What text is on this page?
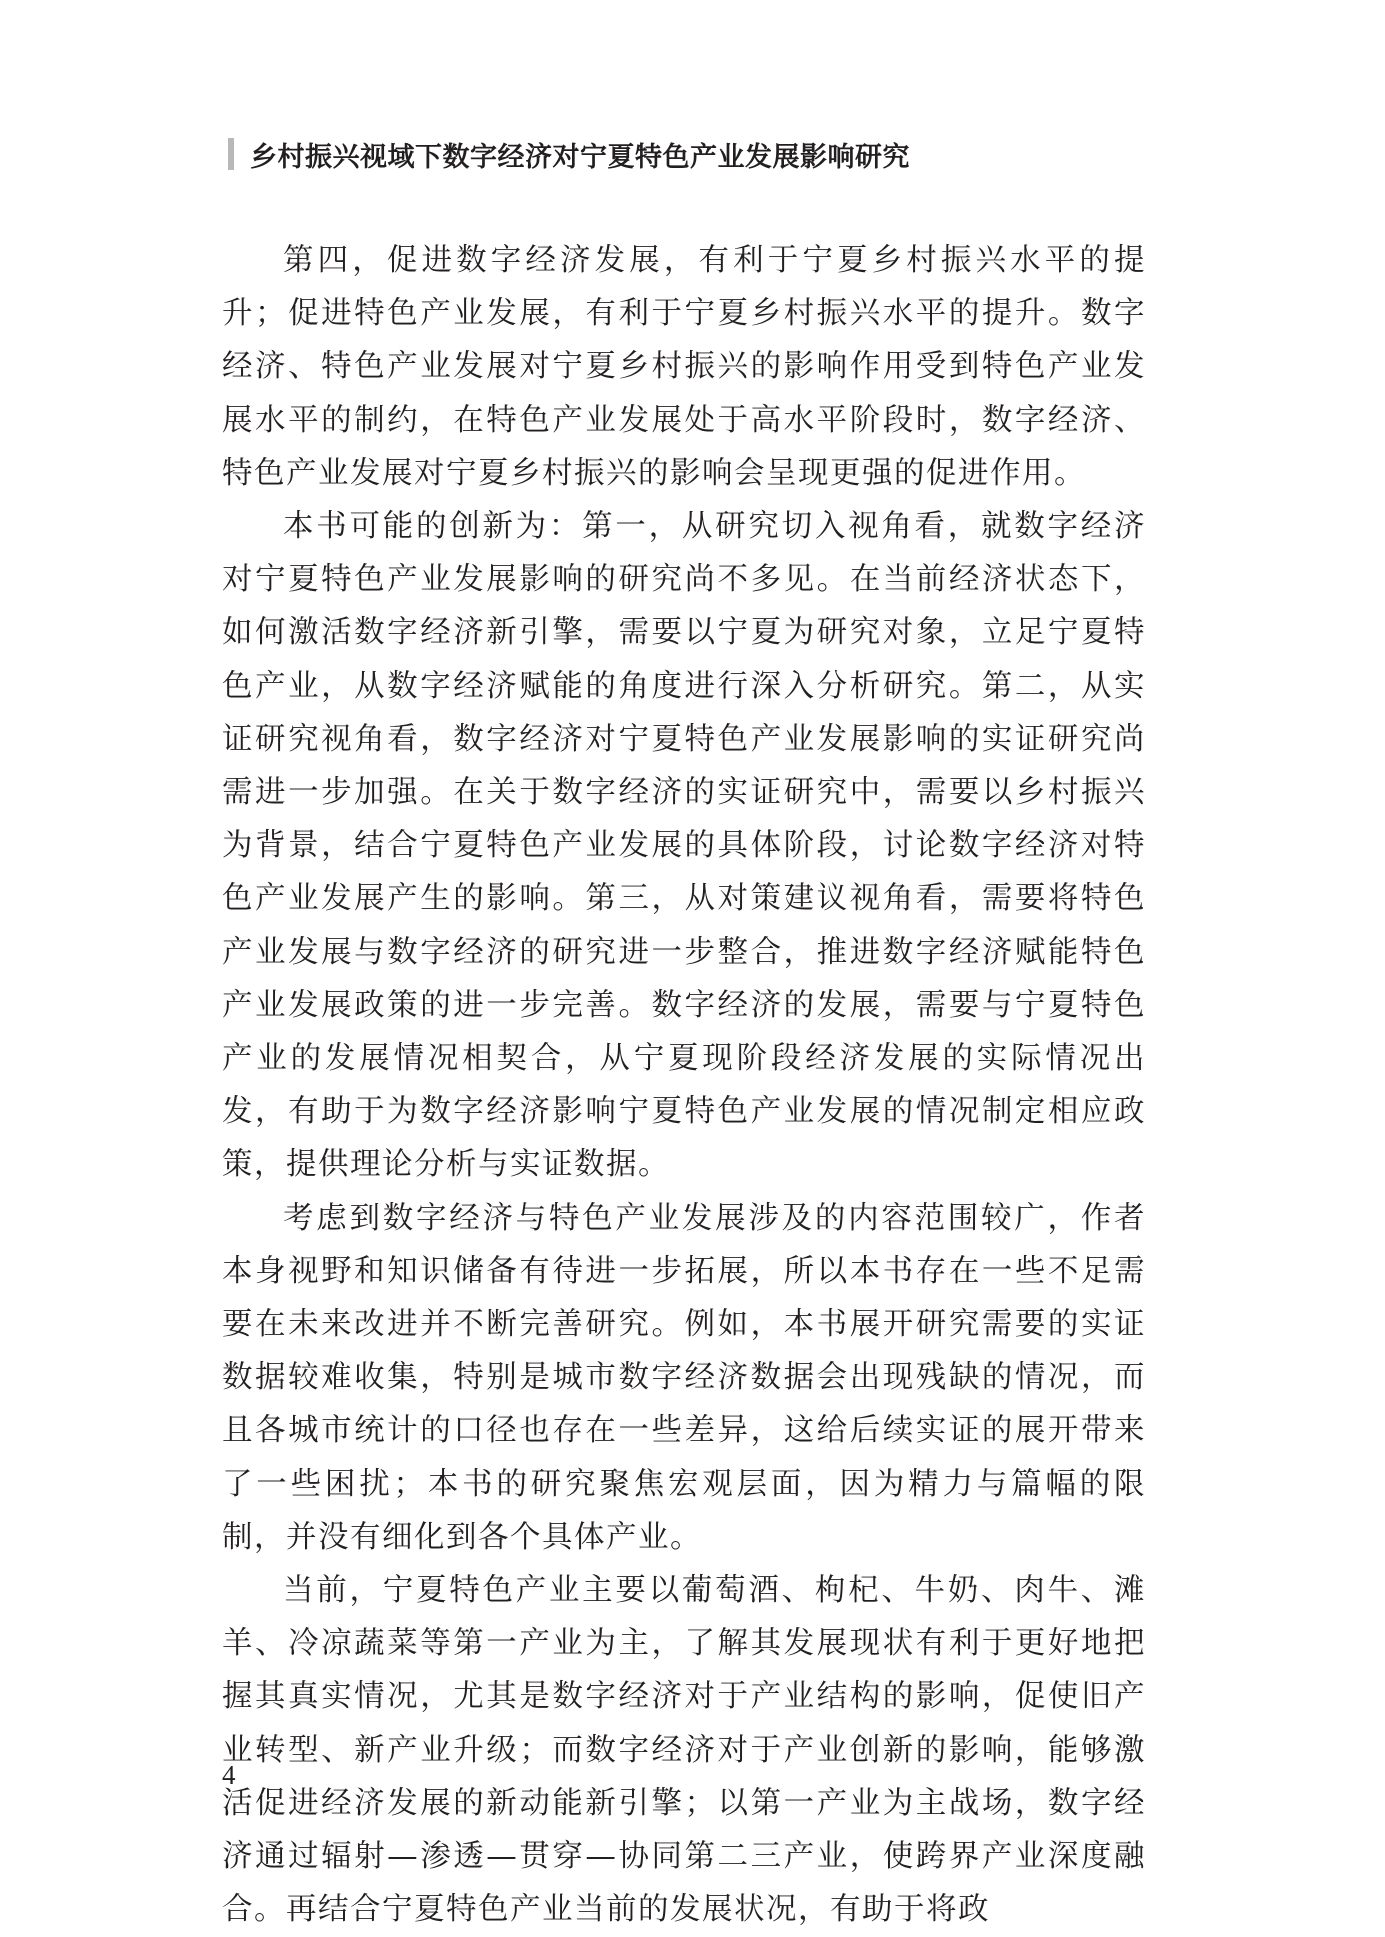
乡村振兴视域下数字经济对宁夏特色产业发展影响研究

第四，促进数字经济发展，有利于宁夏乡村振兴水平的提升；促进特色产业发展，有利于宁夏乡村振兴水平的提升。数字经济、特色产业发展对宁夏乡村振兴的影响作用受到特色产业发展水平的制约，在特色产业发展处于高水平阶段时，数字经济、特色产业发展对宁夏乡村振兴的影响会呈现更强的促进作用。

本书可能的创新为：第一，从研究切入视角看，就数字经济对宁夏特色产业发展影响的研究尚不多见。在当前经济状态下，如何激活数字经济新引擎，需要以宁夏为研究对象，立足宁夏特色产业，从数字经济赋能的角度进行深入分析研究。第二，从实证研究视角看，数字经济对宁夏特色产业发展影响的实证研究尚需进一步加强。在关于数字经济的实证研究中，需要以乡村振兴为背景，结合宁夏特色产业发展的具体阶段，讨论数字经济对特色产业发展产生的影响。第三，从对策建议视角看，需要将特色产业发展与数字经济的研究进一步整合，推进数字经济赋能特色产业发展政策的进一步完善。数字经济的发展，需要与宁夏特色产业的发展情况相契合，从宁夏现阶段经济发展的实际情况出发，有助于为数字经济影响宁夏特色产业发展的情况制定相应政策，提供理论分析与实证数据。

考虑到数字经济与特色产业发展涉及的内容范围较广，作者本身视野和知识储备有待进一步拓展，所以本书存在一些不足需要在未来改进并不断完善研究。例如，本书展开研究需要的实证数据较难收集，特别是城市数字经济数据会出现残缺的情况，而且各城市统计的口径也存在一些差异，这给后续实证的展开带来了一些困扰；本书的研究聚焦宏观层面，因为精力与篇幅的限制，并没有细化到各个具体产业。

当前，宁夏特色产业主要以葡萄酒、枸杞、牛奶、肉牛、滩羊、冷凉蔬菜等第一产业为主，了解其发展现状有利于更好地把握其真实情况，尤其是数字经济对于产业结构的影响，促使旧产业转型、新产业升级；而数字经济对于产业创新的影响，能够激活促进经济发展的新动能新引擎；以第一产业为主战场，数字经济通过辐射—渗透—贯穿—协同第二三产业，使跨界产业深度融合。再结合宁夏特色产业当前的发展状况，有助于将政

4
